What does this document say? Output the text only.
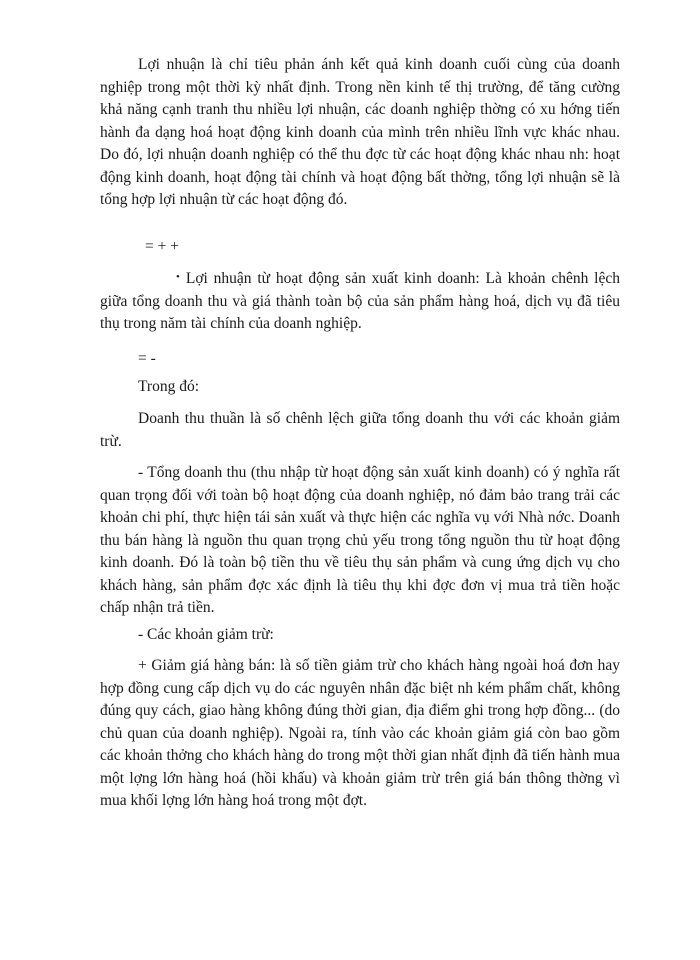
Lợi nhuận là chỉ tiêu phản ánh kết quả kinh doanh cuối cùng của doanh nghiệp trong một thời kỳ nhất định. Trong nền kinh tế thị trường, để tăng cường khả năng cạnh tranh thu nhiều lợi nhuận, các doanh nghiệp thờng có xu hớng tiến hành đa dạng hoá hoạt động kinh doanh của mình trên nhiều lĩnh vực khác nhau. Do đó, lợi nhuận doanh nghiệp có thể thu đợc từ các hoạt động khác nhau nh: hoạt động kinh doanh, hoạt động tài chính và hoạt động bất thờng, tổng lợi nhuận sẽ là tổng hợp lợi nhuận từ các hoạt động đó.

= + +

• Lợi nhuận từ hoạt động sản xuất kinh doanh: Là khoản chênh lệch giữa tổng doanh thu và giá thành toàn bộ của sản phẩm hàng hoá, dịch vụ đã tiêu thụ trong năm tài chính của doanh nghiệp.

= -

Trong đó:

Doanh thu thuần là số chênh lệch giữa tổng doanh thu với các khoản giảm trừ.

- Tổng doanh thu (thu nhập từ hoạt động sản xuất kinh doanh) có ý nghĩa rất quan trọng đối với toàn bộ hoạt động của doanh nghiệp, nó đảm bảo trang trải các khoản chi phí, thực hiện tái sản xuất và thực hiện các nghĩa vụ với Nhà nớc. Doanh thu bán hàng là nguồn thu quan trọng chủ yếu trong tổng nguồn thu từ hoạt động kinh doanh. Đó là toàn bộ tiền thu về tiêu thụ sản phẩm và cung ứng dịch vụ cho khách hàng, sản phẩm đợc xác định là tiêu thụ khi đợc đơn vị mua trả tiền hoặc chấp nhận trả tiền.

- Các khoản giảm trừ:

+ Giảm giá hàng bán: là số tiền giảm trừ cho khách hàng ngoài hoá đơn hay hợp đồng cung cấp dịch vụ do các nguyên nhân đặc biệt nh kém phẩm chất, không đúng quy cách, giao hàng không đúng thời gian, địa điểm ghi trong hợp đồng... (do chủ quan của doanh nghiệp). Ngoài ra, tính vào các khoản giảm giá còn bao gồm các khoản thởng cho khách hàng do trong một thời gian nhất định đã tiến hành mua một lợng lớn hàng hoá (hồi khấu) và khoản giảm trừ trên giá bán thông thờng vì mua khối lợng lớn hàng hoá trong một đợt.
